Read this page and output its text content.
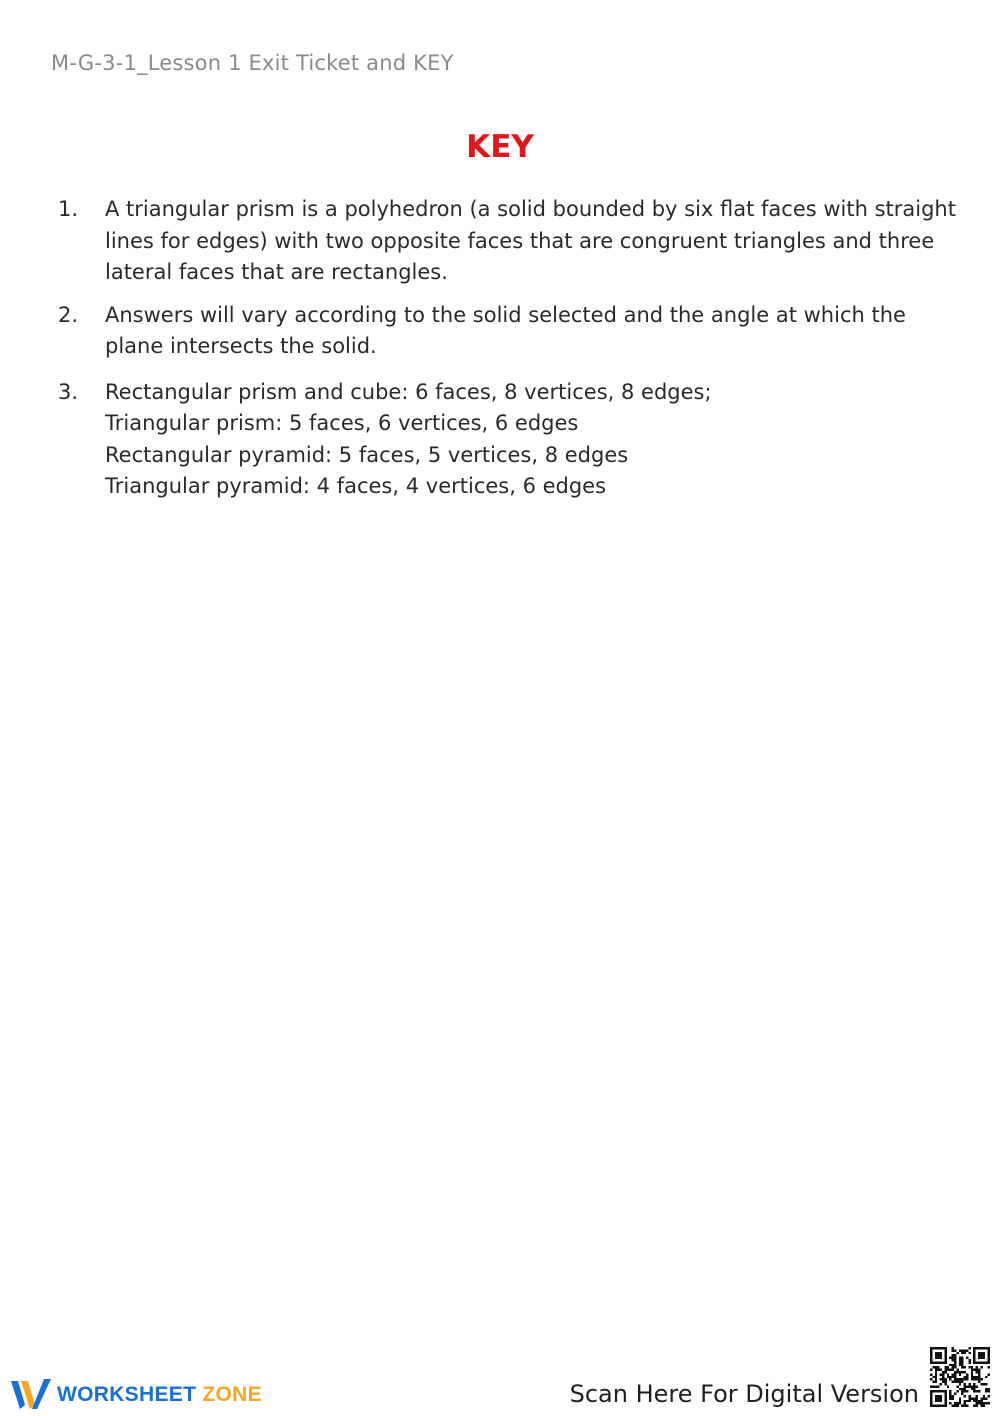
M-G-3-1_Lesson 1 Exit Ticket and KEY
KEY
1.	A triangular prism is a polyhedron (a solid bounded by six flat faces with straight lines for edges) with two opposite faces that are congruent triangles and three lateral faces that are rectangles.
2.	Answers will vary according to the solid selected and the angle at which the plane intersects the solid.
3.	Rectangular prism and cube: 6 faces, 8 vertices, 8 edges;
Triangular prism: 5 faces, 6 vertices, 6 edges
Rectangular pyramid: 5 faces, 5 vertices, 8 edges
Triangular pyramid: 4 faces, 4 vertices, 6 edges
WORKSHEET ZONE	Scan Here For Digital Version
